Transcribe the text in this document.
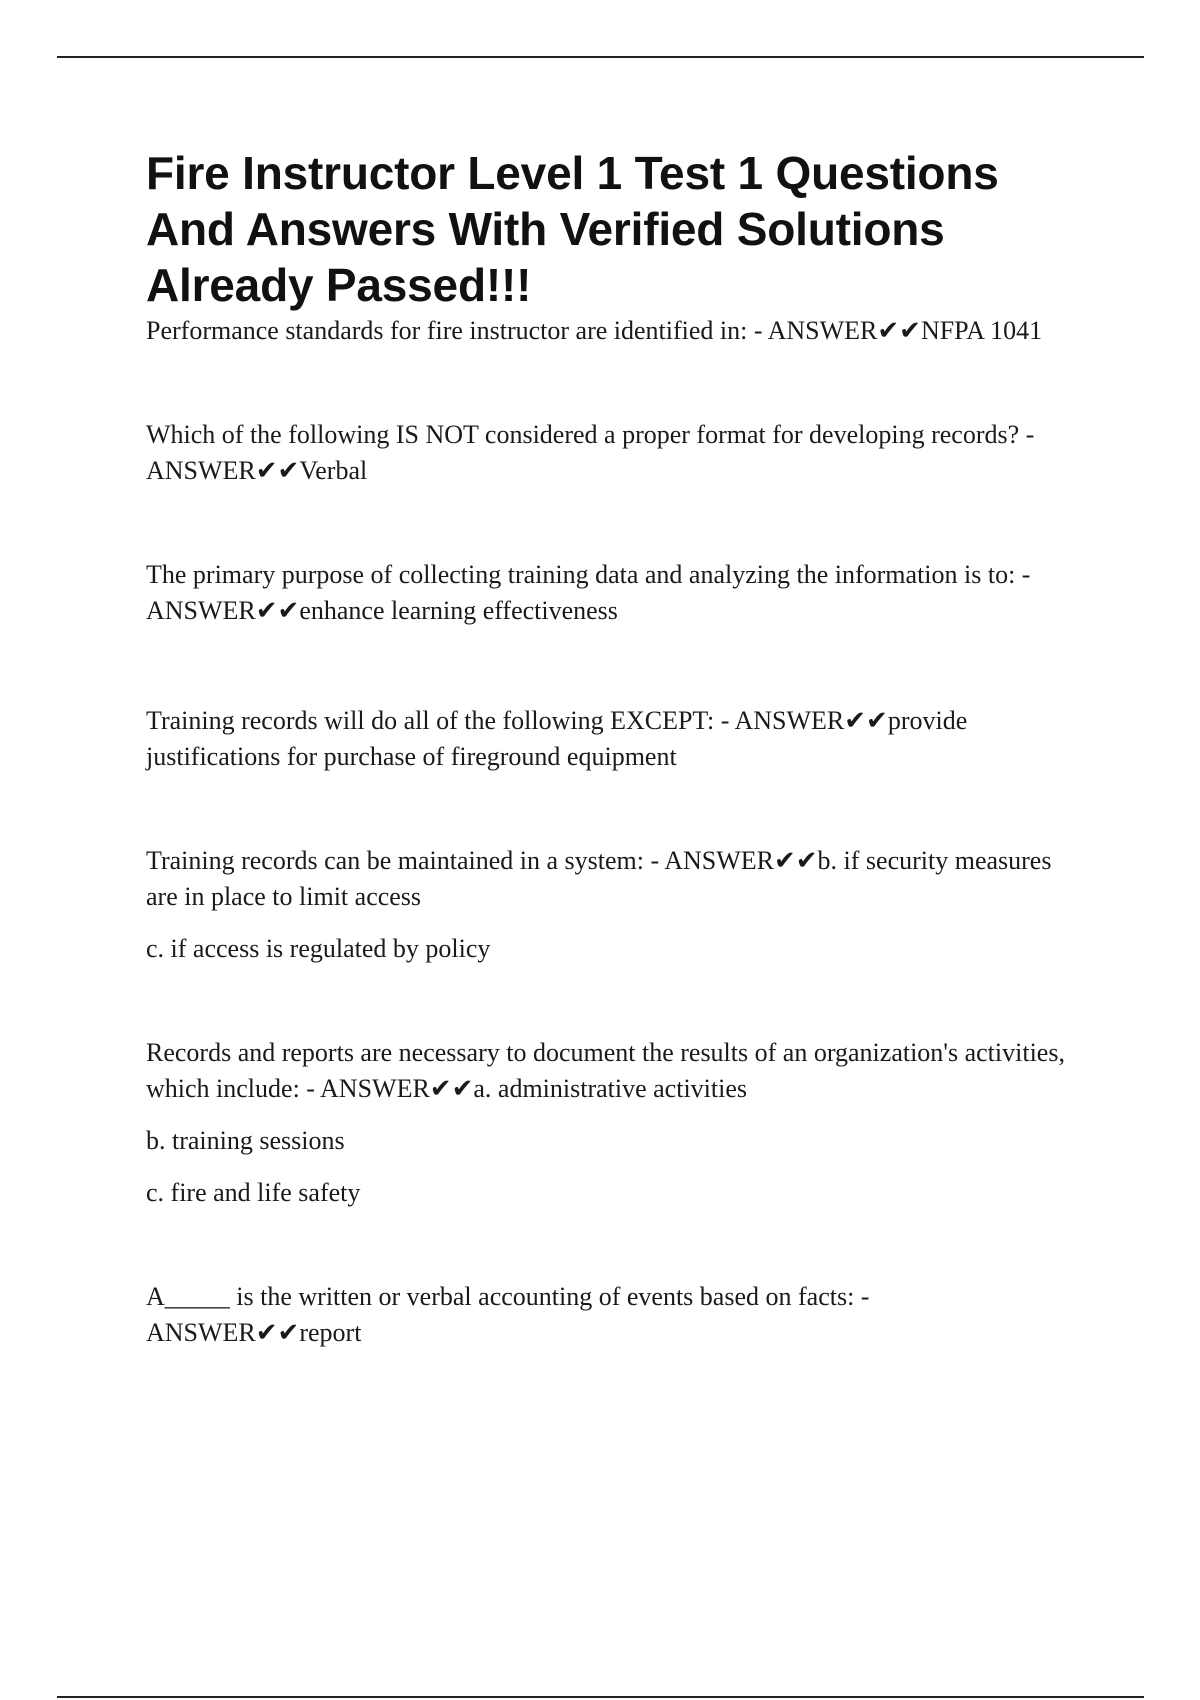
Fire Instructor Level 1 Test 1 Questions And Answers With Verified Solutions Already Passed!!!

Performance standards for fire instructor are identified in: - ANSWER✔✔NFPA 1041

Which of the following IS NOT considered a proper format for developing records? - ANSWER✔✔Verbal

The primary purpose of collecting training data and analyzing the information is to: - ANSWER✔✔enhance learning effectiveness

Training records will do all of the following EXCEPT: - ANSWER✔✔provide justifications for purchase of fireground equipment

Training records can be maintained in a system: - ANSWER✔✔b. if security measures are in place to limit access

c. if access is regulated by policy

Records and reports are necessary to document the results of an organization's activities, which include: - ANSWER✔✔a. administrative activities

b. training sessions

c. fire and life safety

A_____ is the written or verbal accounting of events based on facts: - ANSWER✔✔report
